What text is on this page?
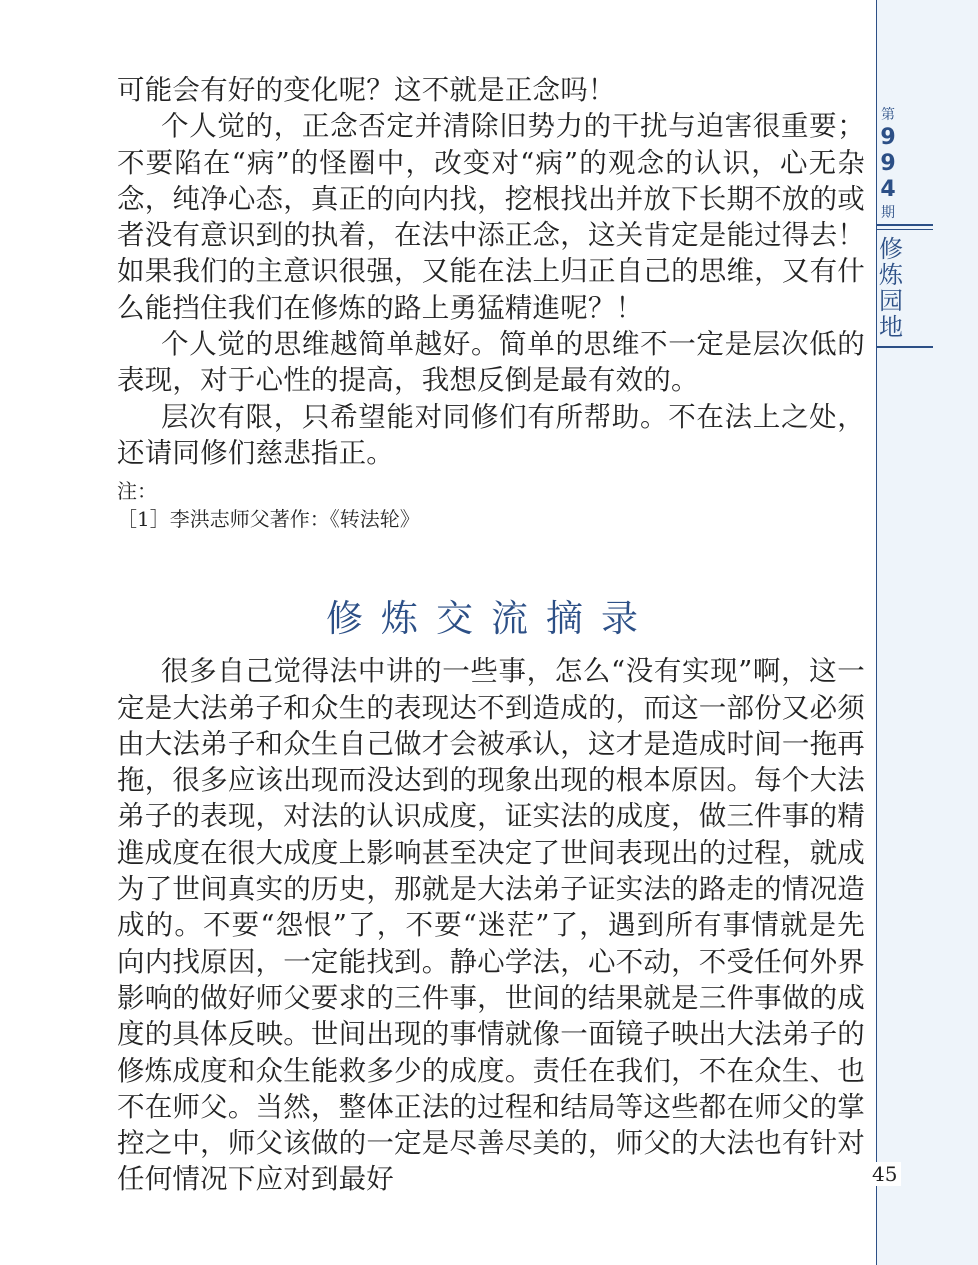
第
9
9
4
期
修
炼
园
地

可能会有好的变化呢？这不就是正念吗！

个人觉的，正念否定并清除旧势力的干扰与迫害很重要；不要陷在“病”的怪圈中，改变对“病”的观念的认识，心无杂念，纯净心态，真正的向内找，挖根找出并放下长期不放的或者没有意识到的执着，在法中添正念，这关肯定是能过得去！如果我们的主意识很强，又能在法上归正自己的思维，又有什么能挡住我们在修炼的路上勇猛精進呢？！

个人觉的思维越简单越好。简单的思维不一定是层次低的表现，对于心性的提高，我想反倒是最有效的。

层次有限，只希望能对同修们有所帮助。不在法上之处，还请同修们慈悲指正。

注：
［1］李洪志师父著作：《转法轮》
修炼交流摘录

很多自己觉得法中讲的一些事，怎么“没有实现”啊，这一定是大法弟子和众生的表现达不到造成的，而这一部份又必须由大法弟子和众生自己做才会被承认，这才是造成时间一拖再拖，很多应该出现而没达到的现象出现的根本原因。每个大法弟子的表现，对法的认识成度，证实法的成度，做三件事的精進成度在很大成度上影响甚至决定了世间表现出的过程，就成为了世间真实的历史，那就是大法弟子证实法的路走的情况造成的。不要“怨恨”了，不要“迷茫”了，遇到所有事情就是先向内找原因，一定能找到。静心学法，心不动，不受任何外界影响的做好师父要求的三件事，世间的结果就是三件事做的成度的具体反映。世间出现的事情就像一面镜子映出大法弟子的修炼成度和众生能救多少的成度。责任在我们，不在众生、也不在师父。当然，整体正法的过程和结局等这些都在师父的掌控之中，师父该做的一定是尽善尽美的，师父的大法也有针对任何情况下应对到最好	45
